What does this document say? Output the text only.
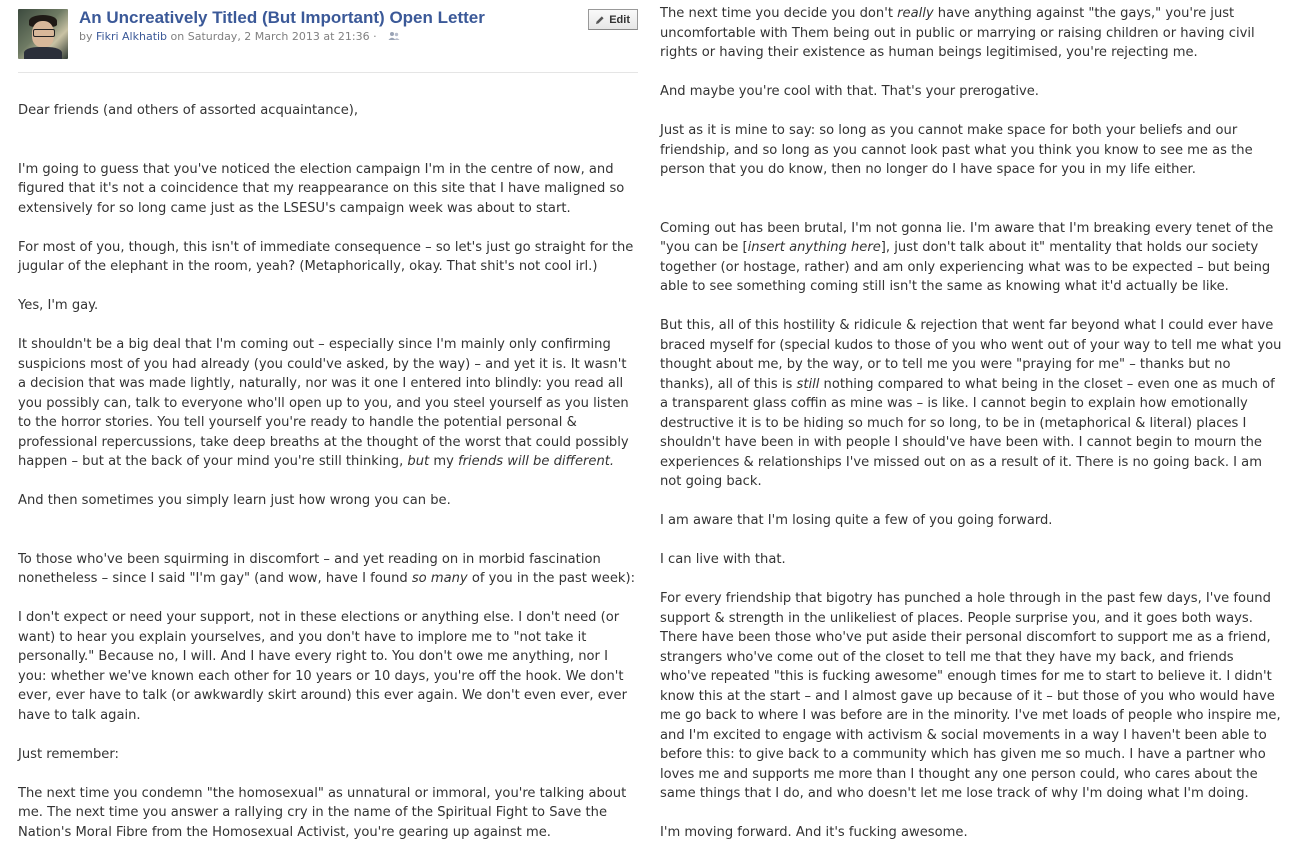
An Uncreatively Titled (But Important) Open Letter
by Fikri Alkhatib on Saturday, 2 March 2013 at 21:36 ·
Edit

Dear friends (and others of assorted acquaintance),

I'm going to guess that you've noticed the election campaign I'm in the centre of now, and figured that it's not a coincidence that my reappearance on this site that I have maligned so extensively for so long came just as the LSESU's campaign week was about to start.

For most of you, though, this isn't of immediate consequence – so let's just go straight for the jugular of the elephant in the room, yeah? (Metaphorically, okay. That shit's not cool irl.)

Yes, I'm gay.

It shouldn't be a big deal that I'm coming out – especially since I'm mainly only confirming suspicions most of you had already (you could've asked, by the way) – and yet it is. It wasn't a decision that was made lightly, naturally, nor was it one I entered into blindly: you read all you possibly can, talk to everyone who'll open up to you, and you steel yourself as you listen to the horror stories. You tell yourself you're ready to handle the potential personal & professional repercussions, take deep breaths at the thought of the worst that could possibly happen – but at the back of your mind you're still thinking, but my friends will be different.

And then sometimes you simply learn just how wrong you can be.

To those who've been squirming in discomfort – and yet reading on in morbid fascination nonetheless – since I said "I'm gay" (and wow, have I found so many of you in the past week):

I don't expect or need your support, not in these elections or anything else. I don't need (or want) to hear you explain yourselves, and you don't have to implore me to "not take it personally." Because no, I will. And I have every right to. You don't owe me anything, nor I you: whether we've known each other for 10 years or 10 days, you're off the hook. We don't ever, ever have to talk (or awkwardly skirt around) this ever again. We don't even ever, ever have to talk again.

Just remember:

The next time you condemn "the homosexual" as unnatural or immoral, you're talking about me. The next time you answer a rallying cry in the name of the Spiritual Fight to Save the Nation's Moral Fibre from the Homosexual Activist, you're gearing up against me.

The next time you decide you don't really have anything against "the gays," you're just uncomfortable with Them being out in public or marrying or raising children or having civil rights or having their existence as human beings legitimised, you're rejecting me.

And maybe you're cool with that. That's your prerogative.

Just as it is mine to say: so long as you cannot make space for both your beliefs and our friendship, and so long as you cannot look past what you think you know to see me as the person that you do know, then no longer do I have space for you in my life either.

Coming out has been brutal, I'm not gonna lie. I'm aware that I'm breaking every tenet of the "you can be [insert anything here], just don't talk about it" mentality that holds our society together (or hostage, rather) and am only experiencing what was to be expected – but being able to see something coming still isn't the same as knowing what it'd actually be like.

But this, all of this hostility & ridicule & rejection that went far beyond what I could ever have braced myself for (special kudos to those of you who went out of your way to tell me what you thought about me, by the way, or to tell me you were "praying for me" – thanks but no thanks), all of this is still nothing compared to what being in the closet – even one as much of a transparent glass coffin as mine was – is like. I cannot begin to explain how emotionally destructive it is to be hiding so much for so long, to be in (metaphorical & literal) places I shouldn't have been in with people I should've have been with. I cannot begin to mourn the experiences & relationships I've missed out on as a result of it. There is no going back. I am not going back.

I am aware that I'm losing quite a few of you going forward.

I can live with that.

For every friendship that bigotry has punched a hole through in the past few days, I've found support & strength in the unlikeliest of places. People surprise you, and it goes both ways. There have been those who've put aside their personal discomfort to support me as a friend, strangers who've come out of the closet to tell me that they have my back, and friends who've repeated "this is fucking awesome" enough times for me to start to believe it. I didn't know this at the start – and I almost gave up because of it – but those of you who would have me go back to where I was before are in the minority. I've met loads of people who inspire me, and I'm excited to engage with activism & social movements in a way I haven't been able to before this: to give back to a community which has given me so much. I have a partner who loves me and supports me more than I thought any one person could, who cares about the same things that I do, and who doesn't let me lose track of why I'm doing what I'm doing.

I'm moving forward. And it's fucking awesome.
